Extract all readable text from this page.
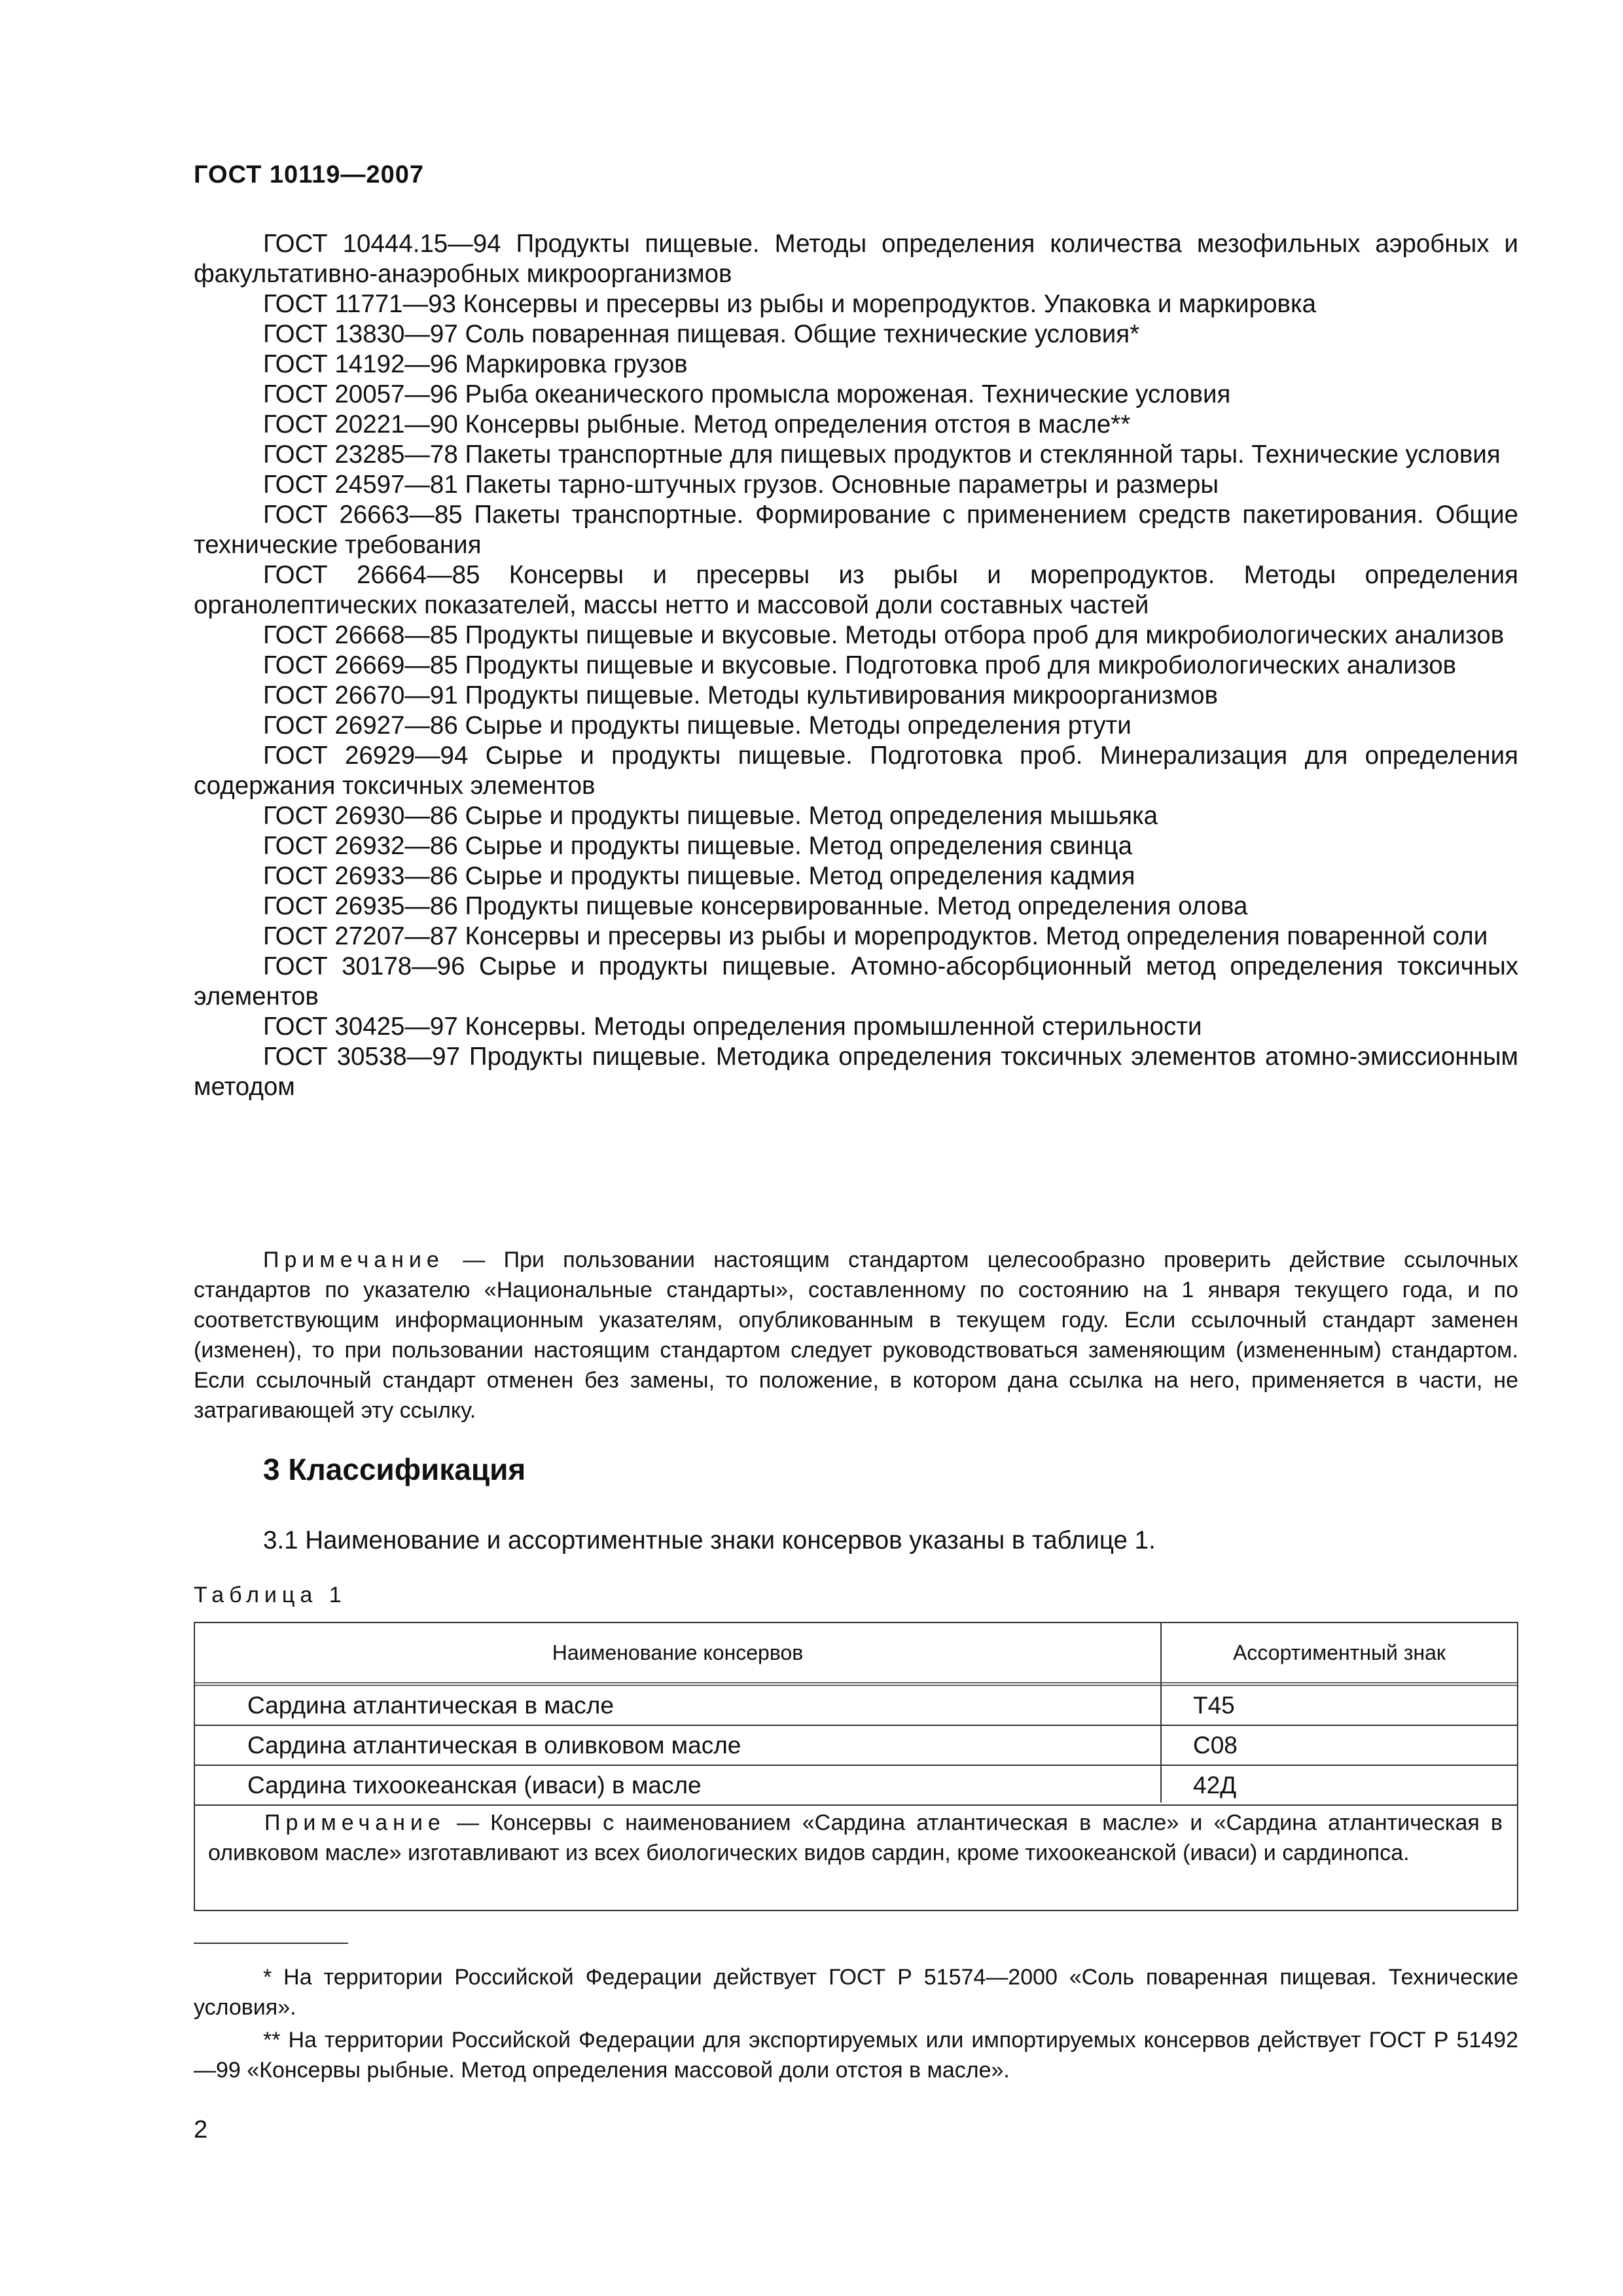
ГОСТ 10119—2007

ГОСТ 10444.15—94 Продукты пищевые. Методы определения количества мезофильных аэробных и факультативно-анаэробных микроорганизмов

ГОСТ 11771—93 Консервы и пресервы из рыбы и морепродуктов. Упаковка и маркировка

ГОСТ 13830—97 Соль поваренная пищевая. Общие технические условия*

ГОСТ 14192—96 Маркировка грузов

ГОСТ 20057—96 Рыба океанического промысла мороженая. Технические условия

ГОСТ 20221—90 Консервы рыбные. Метод определения отстоя в масле**

ГОСТ 23285—78 Пакеты транспортные для пищевых продуктов и стеклянной тары. Технические условия

ГОСТ 24597—81 Пакеты тарно-штучных грузов. Основные параметры и размеры

ГОСТ 26663—85 Пакеты транспортные. Формирование с применением средств пакетирования. Общие технические требования

ГОСТ 26664—85 Консервы и пресервы из рыбы и морепродуктов. Методы определения органолептических показателей, массы нетто и массовой доли составных частей

ГОСТ 26668—85 Продукты пищевые и вкусовые. Методы отбора проб для микробиологических анализов

ГОСТ 26669—85 Продукты пищевые и вкусовые. Подготовка проб для микробиологических анализов

ГОСТ 26670—91 Продукты пищевые. Методы культивирования микроорганизмов

ГОСТ 26927—86 Сырье и продукты пищевые. Методы определения ртути

ГОСТ 26929—94 Сырье и продукты пищевые. Подготовка проб. Минерализация для определения содержания токсичных элементов

ГОСТ 26930—86 Сырье и продукты пищевые. Метод определения мышьяка

ГОСТ 26932—86 Сырье и продукты пищевые. Метод определения свинца

ГОСТ 26933—86 Сырье и продукты пищевые. Метод определения кадмия

ГОСТ 26935—86 Продукты пищевые консервированные. Метод определения олова

ГОСТ 27207—87 Консервы и пресервы из рыбы и морепродуктов. Метод определения поваренной соли

ГОСТ 30178—96 Сырье и продукты пищевые. Атомно-абсорбционный метод определения токсичных элементов

ГОСТ 30425—97 Консервы. Методы определения промышленной стерильности

ГОСТ 30538—97 Продукты пищевые. Методика определения токсичных элементов атомно-эмиссионным методом

Примечание — При пользовании настоящим стандартом целесообразно проверить действие ссылочных стандартов по указателю «Национальные стандарты», составленному по состоянию на 1 января текущего года, и по соответствующим информационным указателям, опубликованным в текущем году. Если ссылочный стандарт заменен (изменен), то при пользовании настоящим стандартом следует руководствоваться заменяющим (измененным) стандартом. Если ссылочный стандарт отменен без замены, то положение, в котором дана ссылка на него, применяется в части, не затрагивающей эту ссылку.
3 Классификация
3.1 Наименование и ассортиментные знаки консервов указаны в таблице 1.
Таблица 1
Наименование консервов	Ассортиментный знак
Сардина атлантическая в масле	Т45
Сардина атлантическая в оливковом масле	С08
Сардина тихоокеанская (иваси) в масле	42Д
Примечание — Консервы с наименованием «Сардина атлантическая в масле» и «Сардина атлантическая в оливковом масле» изготавливают из всех биологических видов сардин, кроме тихоокеанской (иваси) и сардинопса.

* На территории Российской Федерации действует ГОСТ Р 51574—2000 «Соль поваренная пищевая. Технические условия».

** На территории Российской Федерации для экспортируемых или импортируемых консервов действует ГОСТ Р 51492—99 «Консервы рыбные. Метод определения массовой доли отстоя в масле».

2
